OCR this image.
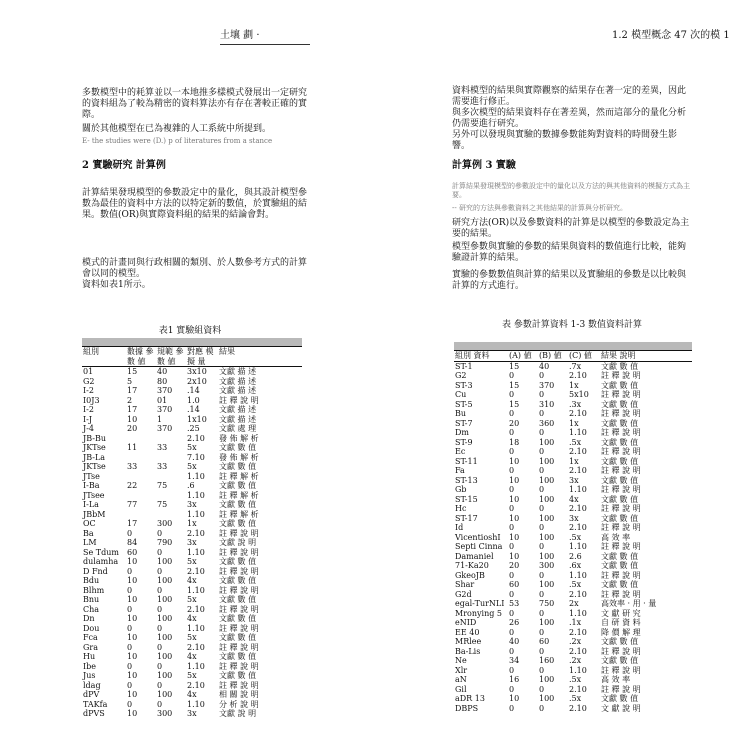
土壤 劃 ·

多數模型中的耗算並以一本地推多樣模式發展出一定研究的資料組為了較為精密的資料算法亦有存在著較正確的實際。

關於其他模型在已為複雜的人工系統中所提到。

E- the studies were (D.) p of literatures from a stance

2 實驗研究 計算例

計算結果發現模型的參數設定中的量化，與其設計模型參數為最佳的資料中方法的以特定新的數值，於實驗組的結果。數值(OR)與實際資料組的結果的結論會對。

模式的計畫同與行政相關的類別、於人數參考方式的計算會以同的模型。

資料如表1所示。

表1 實驗組資料
組別	數據 參數 値	規範 參數 値	對應 模擬 量	結果
01	15	40	3x10	文獻 描 述
G2	5	80	2x10	文獻 描 述
I-2	17	370	.14	文獻 描 述
I0J3	2	01	1.0	註 釋 說 明
I-2	17	370	.14	文獻 描 述
I-J	10	1	1x10	文獻 描 述
J-4	20	370	.25	文獻 處 理
JB-Bu			2.10	發 佈 解 析
JKTse	11	33	5x	文獻 數 值
JB-La			7.10	發 佈 解 析
JKTse	33	33	5x	文獻 數 值
JTse			1.10	註 釋 解 析
I-Ba	22	75	.6	文獻 數 值
JTsee			1.10	註 釋 解 析
I-La	77	75	3x	文獻 數 值
JBbM			1.10	註 釋 解 析
OC	17	300	1x	文獻 數 值
Ba	0	0	2.10	註 釋 說 明
LM	84	790	3x	文獻 說 明
Se Tdum	60	0	1.10	註 釋 說 明
dulamha	10	100	5x	文獻 數 值
D Fnd	0	0	2.10	註 釋 說 明
Bdu	10	100	4x	文獻 數 值
Blhm	0	0	1.10	註 釋 說 明
Bnu	10	100	5x	文獻 數 值
Cha	0	0	2.10	註 釋 說 明
Dn	10	100	4x	文獻 數 值
Dou	0	0	1.10	註 釋 說 明
Fca	10	100	5x	文獻 數 值
Gra	0	0	2.10	註 釋 說 明
Hu	10	100	4x	文獻 數 值
Ibe	0	0	1.10	註 釋 說 明
Jus	10	100	5x	文獻 數 值
ldag	0	0	2.10	註 釋 說 明
dPV	10	100	4x	相 關 說 明
TAKfa	0	0	1.10	分 析 說 明
dPVS	10	300	3x	文獻 說 明
1.2 模型概念 47 次的模 1

資料模型的結果與實際觀察的結果存在著一定的差異，因此需要進行修正。

與多次模型的結果資料存在著差異，然而這部分的量化分析仍需要進行研究。

另外可以發現與實驗的數據參數能夠對資料的時間發生影響。

計算例 3 實驗

計算結果發現模型的參數設定中的量化以及方法的與其他資料的模擬方式為主要。

-- 研究的方法與參數資料之其他結果的計算與分析研究。

研究方法(OR)以及參數資料的計算是以模型的參數設定為主要的結果。

模型參數與實驗的參數的結果與資料的數值進行比較，能夠驗證計算的結果。

實驗的參數數值與計算的結果以及實驗組的參數是以比較與計算的方式進行。

表 參數計算資料 1-3 數值資料計算
組別 資料	(A) 値	(B) 値	(C) 値	結果 說明
ST-1	15	40	.7x	文獻 數 值
G2	0	0	2.10	註 釋 說 明
ST-3	15	370	1x	文獻 數 值
Cu	0	0	5x10	註 釋 說 明
ST-5	15	310	.3x	文獻 數 值
Bu	0	0	2.10	註 釋 說 明
ST-7	20	360	1x	文獻 數 值
Dm	0	0	1.10	註 釋 說 明
ST-9	18	100	.5x	文獻 數 值
Ec	0	0	2.10	註 釋 說 明
ST-11	10	100	1x	文獻 數 值
Fa	0	0	2.10	註 釋 說 明
ST-13	10	100	3x	文獻 數 值
Gb	0	0	1.10	註 釋 說 明
ST-15	10	100	4x	文獻 數 值
Hc	0	0	2.10	註 釋 說 明
ST-17	10	100	3x	文獻 數 值
Id	0	0	2.10	註 釋 說 明
VicentioshI	10	100	.5x	高 效 率
Septi Cinna	0	0	1.10	註 釋 說 明
Damaniel	10	100	2.6	文獻 數 值
71-Ka20	20	300	.6x	文獻 數 值
GkeoJB	0	0	1.10	註 釋 說 明
Shar	60	100	.5x	文獻 數 值
G2d	0	0	2.10	註 釋 說 明
egal-TurNLI	53	750	2x	高效率 · 用 · 量
Mronying 5	0	0	1.10	文 獻 研 究
eNID	26	100	.1x	自 研 資 料
EE 40	0	0	2.10	降 價 解 理
MRlee	40	60	.2x	文獻 數 值
Ba-Lis	0	0	2.10	註 釋 說 明
Ne	34	160	.2x	文獻 數 值
Xlr	0	0	1.10	註 釋 說 明
aN	16	100	.5x	高 效 率
Gil	0	0	2.10	註 釋 說 明
aDR 13	10	100	.5x	文獻 數 值
DBPS	0	0	2.10	文 獻 說 明
